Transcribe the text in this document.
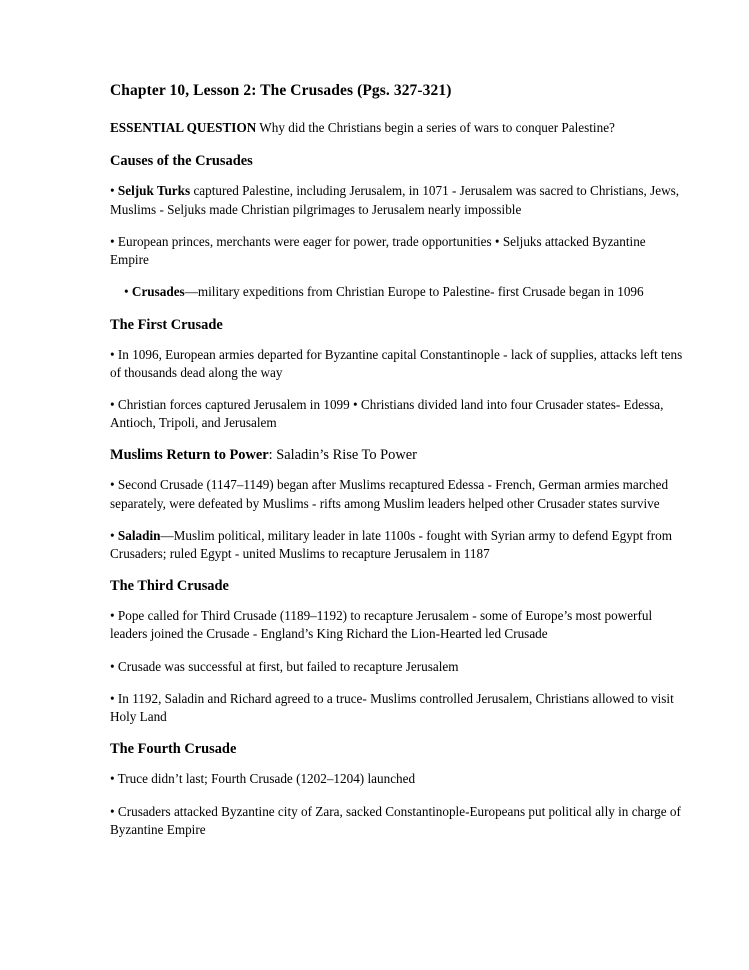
Chapter 10, Lesson 2: The Crusades (Pgs. 327-321)

ESSENTIAL QUESTION Why did the Christians begin a series of wars to conquer Palestine?

Causes of the Crusades

• Seljuk Turks captured Palestine, including Jerusalem, in 1071 - Jerusalem was sacred to Christians, Jews, Muslims - Seljuks made Christian pilgrimages to Jerusalem nearly impossible

• European princes, merchants were eager for power, trade opportunities • Seljuks attacked Byzantine Empire

• Crusades—military expeditions from Christian Europe to Palestine- first Crusade began in 1096

The First Crusade

• In 1096, European armies departed for Byzantine capital Constantinople - lack of supplies, attacks left tens of thousands dead along the way

• Christian forces captured Jerusalem in 1099 • Christians divided land into four Crusader states- Edessa, Antioch, Tripoli, and Jerusalem

Muslims Return to Power: Saladin’s Rise To Power

• Second Crusade (1147–1149) began after Muslims recaptured Edessa - French, German armies marched separately, were defeated by Muslims - rifts among Muslim leaders helped other Crusader states survive

• Saladin—Muslim political, military leader in late 1100s - fought with Syrian army to defend Egypt from Crusaders; ruled Egypt - united Muslims to recapture Jerusalem in 1187

The Third Crusade

• Pope called for Third Crusade (1189–1192) to recapture Jerusalem - some of Europe’s most powerful leaders joined the Crusade - England’s King Richard the Lion-Hearted led Crusade

• Crusade was successful at first, but failed to recapture Jerusalem

• In 1192, Saladin and Richard agreed to a truce- Muslims controlled Jerusalem, Christians allowed to visit Holy Land

The Fourth Crusade

• Truce didn’t last; Fourth Crusade (1202–1204) launched

• Crusaders attacked Byzantine city of Zara, sacked Constantinople-Europeans put political ally in charge of Byzantine Empire
